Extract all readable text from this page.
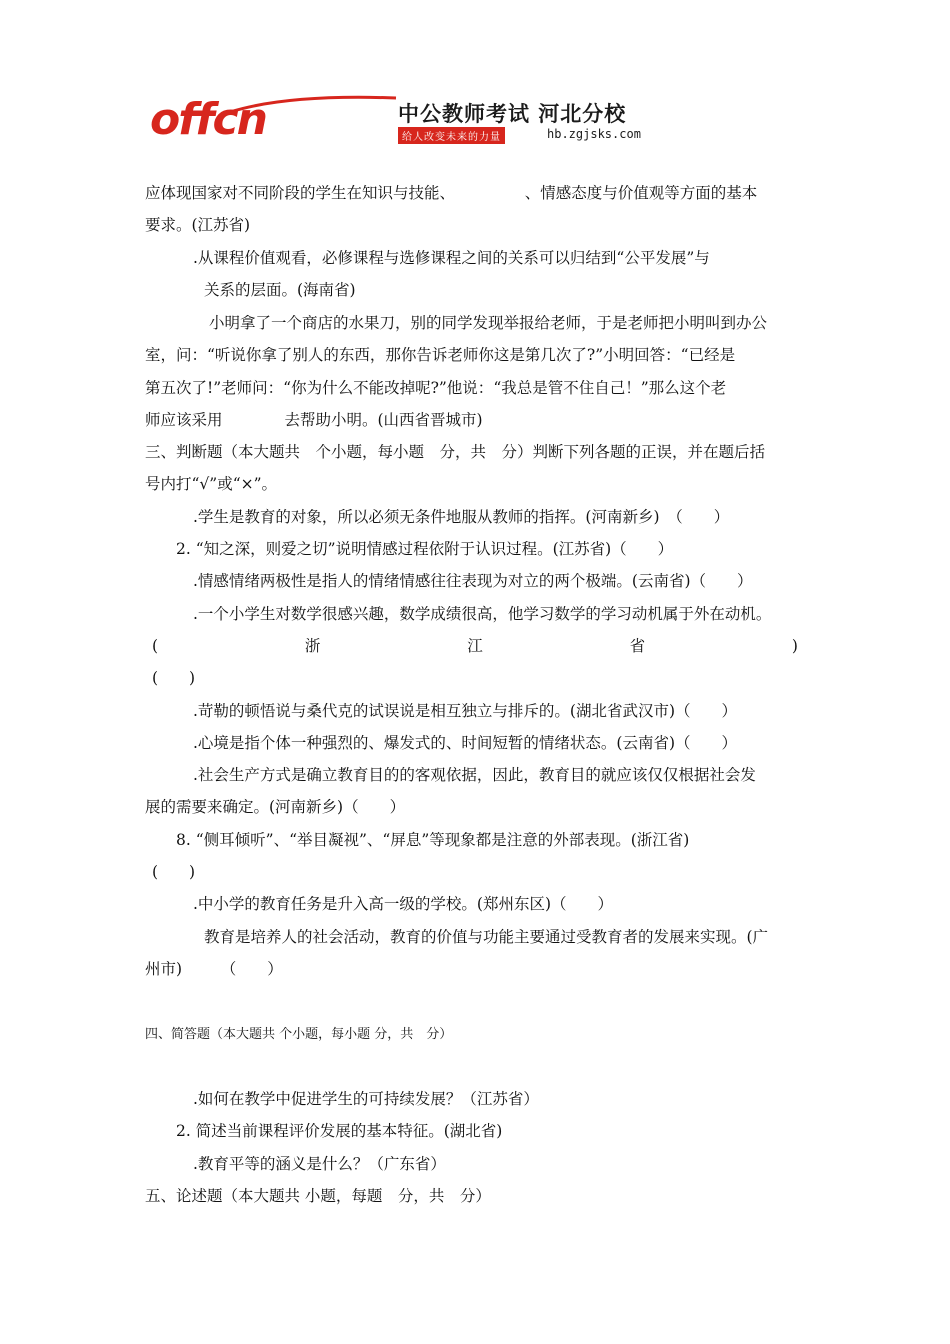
offcn	中公教师考试 河北分校
给人改变未来的力量	hb.zgjsks.com
应体现国家对不同阶段的学生在知识与技能、　　　　　、情感态度与价值观等方面的基本
要求。(江苏省)
.从课程价值观看，必修课程与选修课程之间的关系可以归结到“公平发展”与
关系的层面。(海南省)
小明拿了一个商店的水果刀，别的同学发现举报给老师，于是老师把小明叫到办公
室，问：“听说你拿了别人的东西，那你告诉老师你这是第几次了?”小明回答：“已经是
第五次了!”老师问：“你为什么不能改掉呢?”他说：“我总是管不住自己！”那么这个老
师应该采用　　　　去帮助小明。(山西省晋城市)
三、判断题（本大题共　个小题，每小题　分，共　分）判断下列各题的正误，并在题后括
号内打“√”或“×”。
.学生是教育的对象，所以必须无条件地服从教师的指挥。(河南新乡)　（　　）
2. “知之深，则爱之切”说明情感过程依附于认识过程。(江苏省)（　　）
.情感情绪两极性是指人的情绪情感往往表现为对立的两个极端。(云南省)（　　）
.一个小学生对数学很感兴趣，数学成绩很高，他学习数学的学习动机属于外在动机。
(	浙	江	省	)
(　　)
.苛勒的顿悟说与桑代克的试误说是相互独立与排斥的。(湖北省武汉市)（　　）
.心境是指个体一种强烈的、爆发式的、时间短暂的情绪状态。(云南省)（　　）
.社会生产方式是确立教育目的的客观依据，因此，教育目的就应该仅仅根据社会发
展的需要来确定。(河南新乡)（　　）
8. “侧耳倾听”、“举目凝视”、“屏息”等现象都是注意的外部表现。(浙江省)
(　　)
.中小学的教育任务是升入高一级的学校。(郑州东区)（　　）
教育是培养人的社会活动，教育的价值与功能主要通过受教育者的发展来实现。(广
州市)　　　（　　）
四、简答题（本大题共 个小题，每小题 分，共　分）
.如何在教学中促进学生的可持续发展？（江苏省）
2. 简述当前课程评价发展的基本特征。(湖北省)
.教育平等的涵义是什么？（广东省）
五、论述题（本大题共 小题，每题　分，共　分）
